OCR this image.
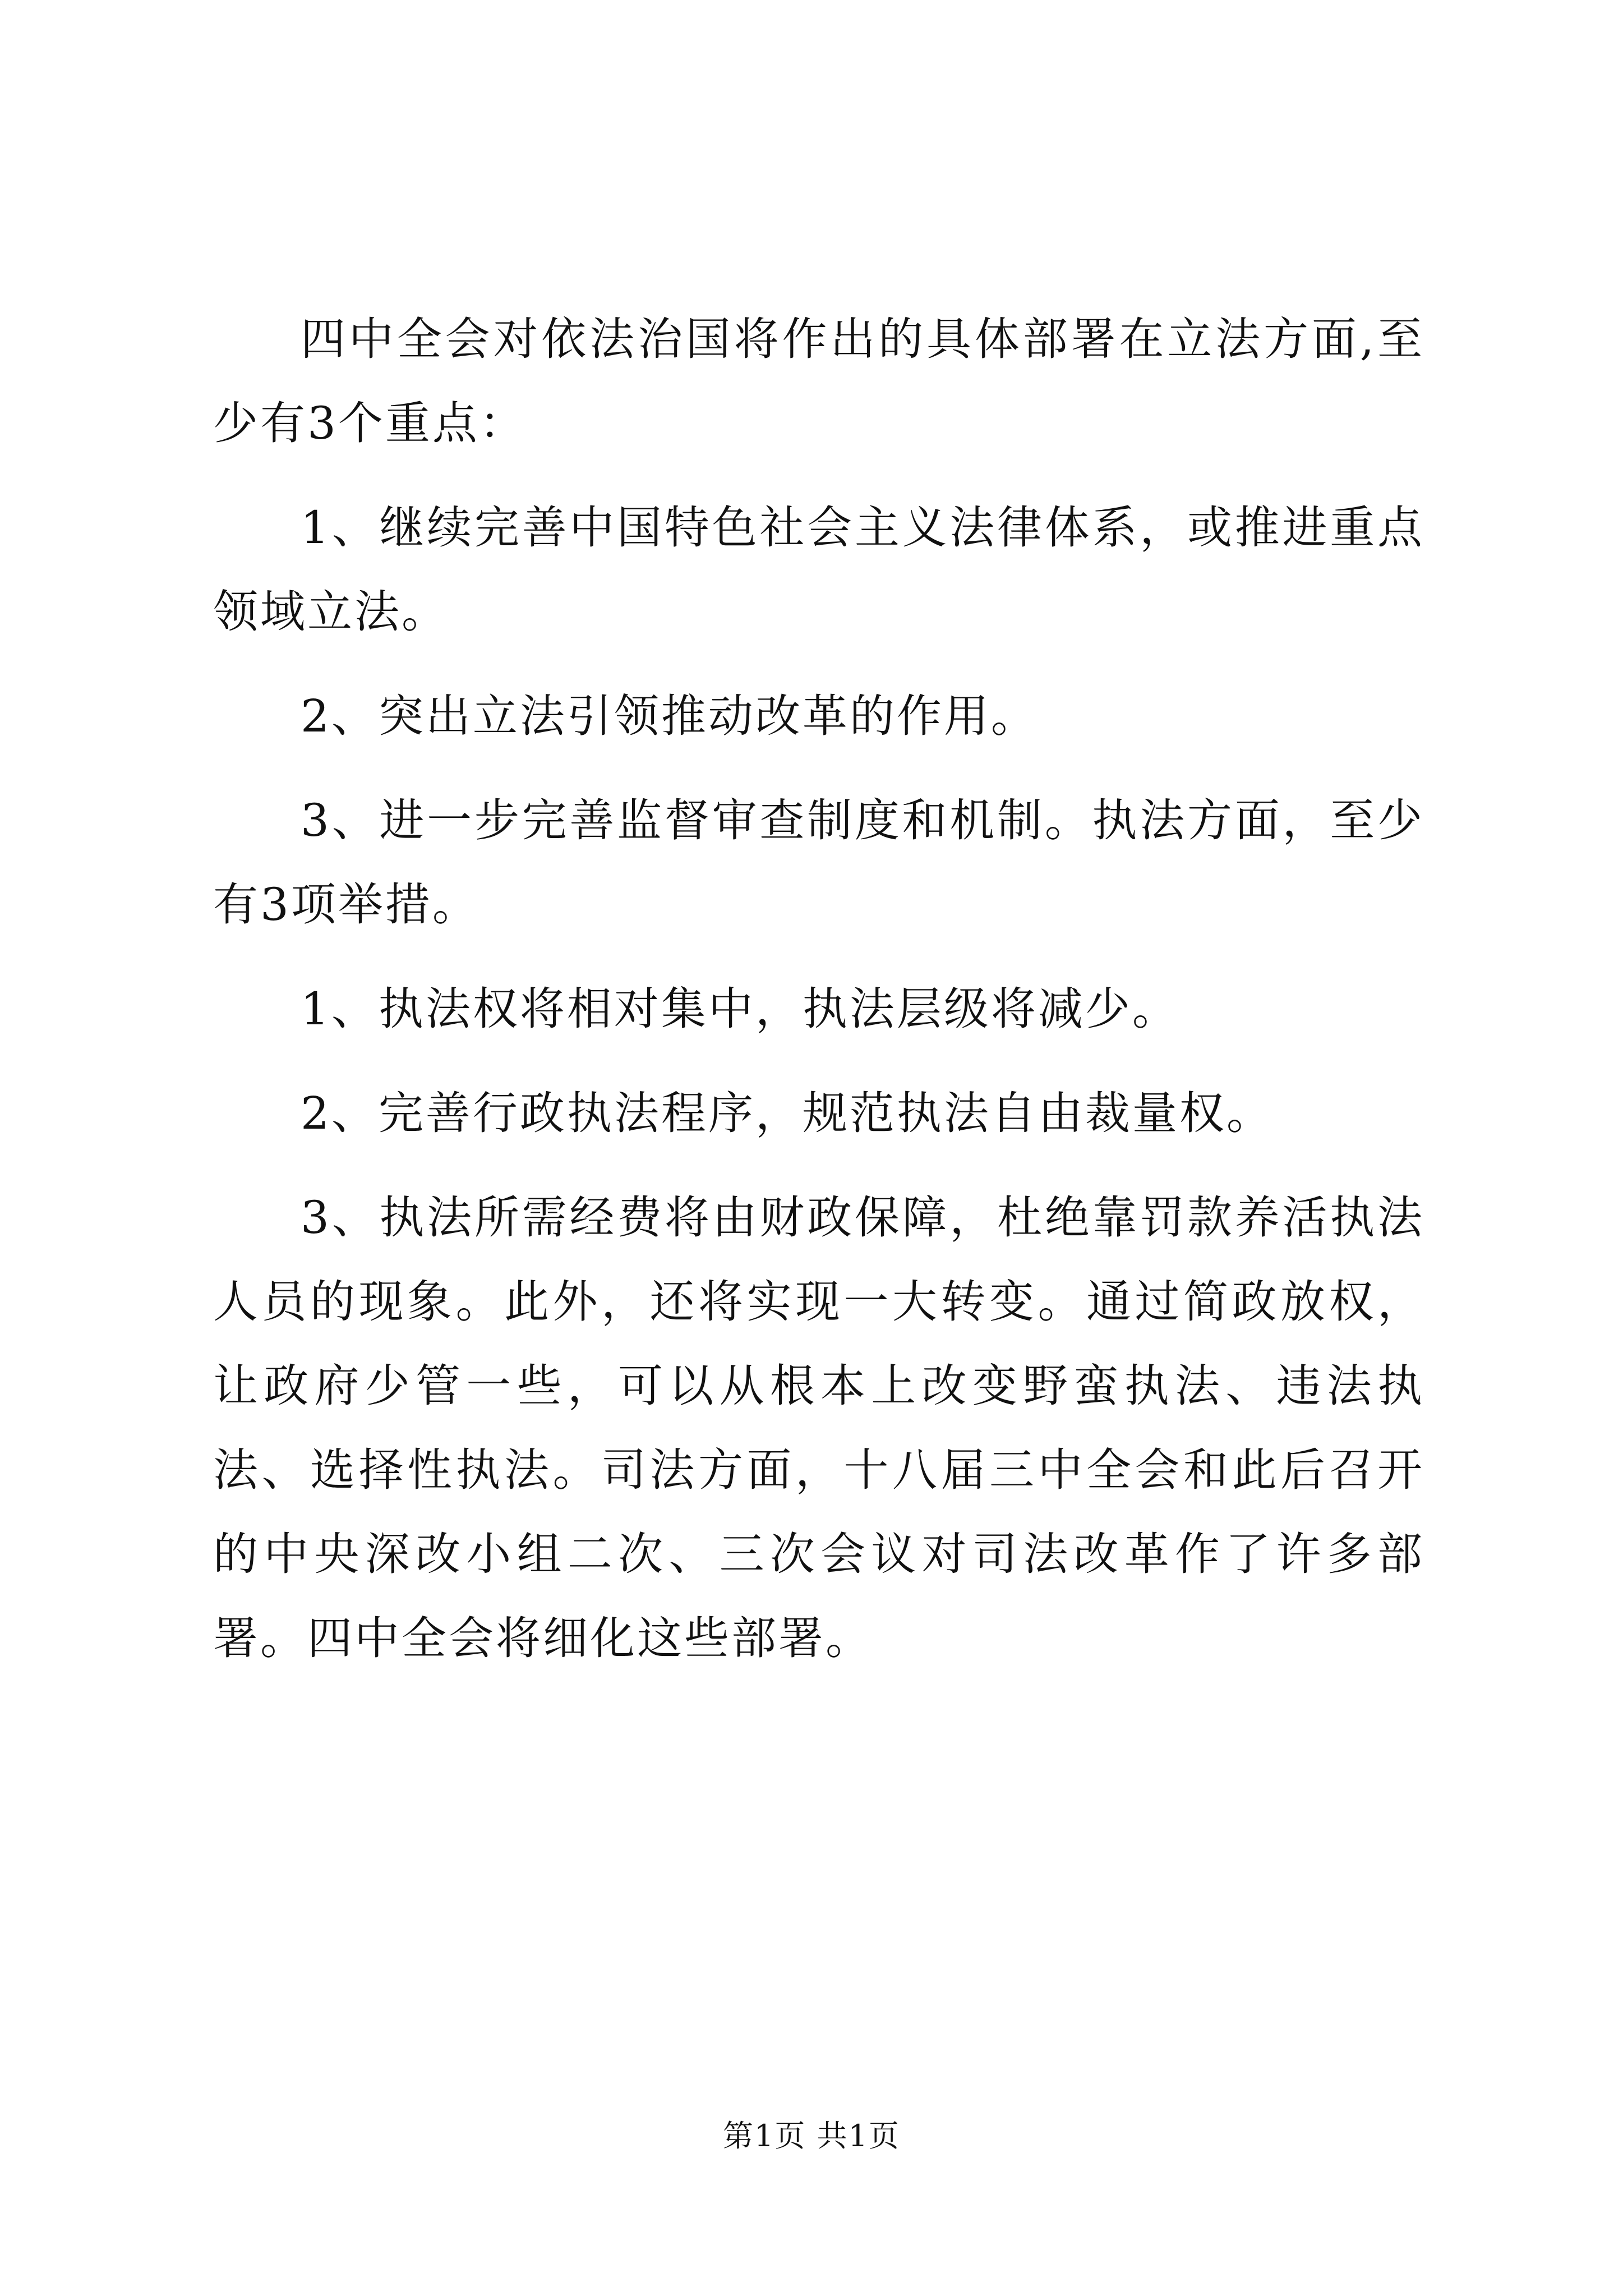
四中全会对依法治国将作出的具体部署在立法方面,至少有3个重点：

1、继续完善中国特色社会主义法律体系，或推进重点领域立法。

2、突出立法引领推动改革的作用。

3、进一步完善监督审查制度和机制。执法方面，至少有3项举措。

1、执法权将相对集中，执法层级将减少。

2、完善行政执法程序，规范执法自由裁量权。

3、执法所需经费将由财政保障，杜绝靠罚款养活执法人员的现象。此外，还将实现一大转变。通过简政放权，让政府少管一些，可以从根本上改变野蛮执法、违法执法、选择性执法。司法方面，十八届三中全会和此后召开的中央深改小组二次、三次会议对司法改革作了许多部署。四中全会将细化这些部署。

第1页 共1页
